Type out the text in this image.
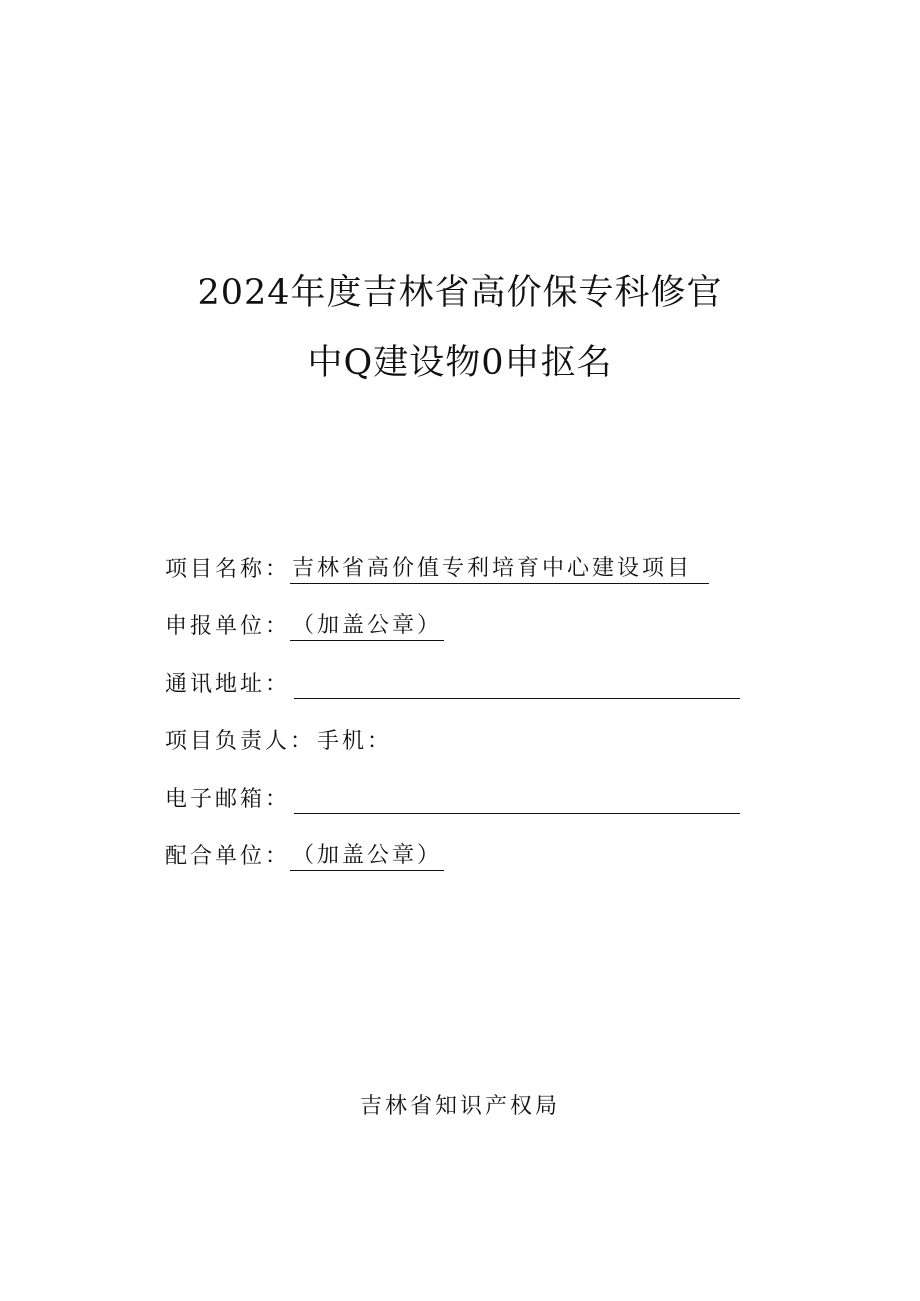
2024年度吉林省高价保专科修官
中Q建设物0申抠名
项目名称： 吉林省高价值专利培育中心建设项目
申报单位： （加盖公章）
通讯地址：
项目负责人： 手机：
电子邮箱：
配合单位： （加盖公章）
吉林省知识产权局
